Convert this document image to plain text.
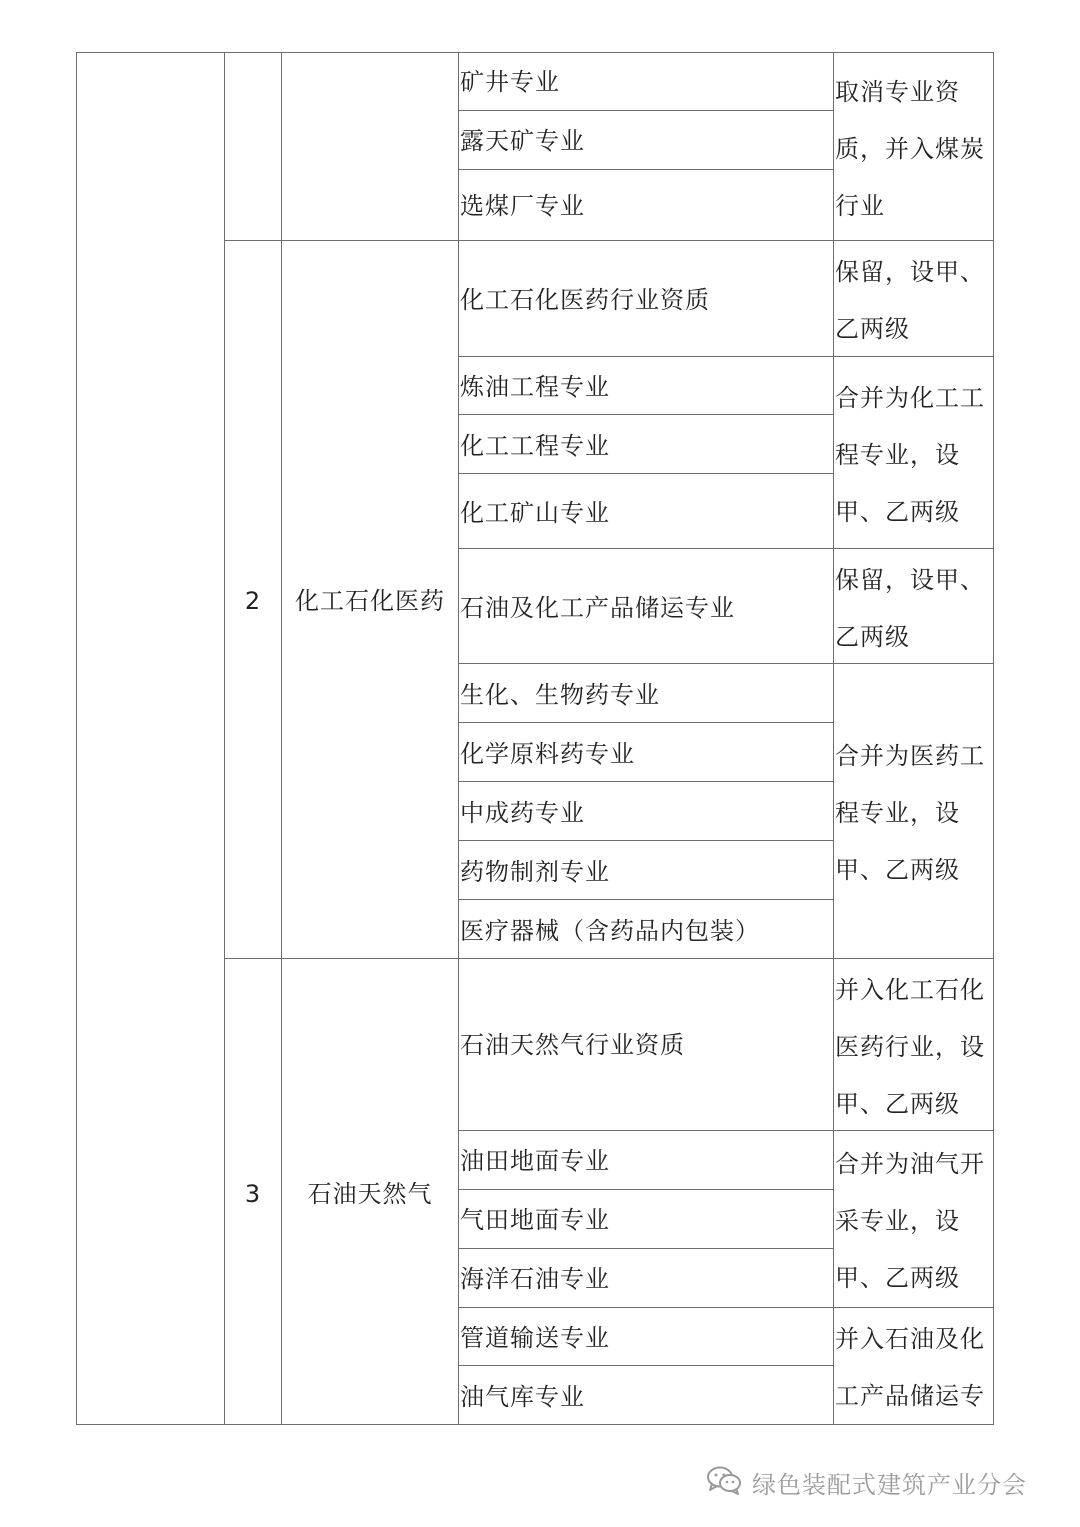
矿井专业
露天矿专业
选煤厂专业
取消专业资质，并入煤炭行业
2	化工石化医药
化工石化医药行业资质
炼油工程专业
化工工程专业
化工矿山专业
石油及化工产品储运专业
生化、生物药专业
化学原料药专业
中成药专业
药物制剂专业
医疗器械（含药品内包装）
保留，设甲、乙两级
合并为化工工程专业，设甲、乙两级
保留，设甲、乙两级
合并为医药工程专业，设甲、乙两级
3	石油天然气
石油天然气行业资质
油田地面专业
气田地面专业
海洋石油专业
管道输送专业
油气库专业
并入化工石化医药行业，设甲、乙两级
合并为油气开采专业，设甲、乙两级
并入石油及化工产品储运专
绿色装配式建筑产业分会
